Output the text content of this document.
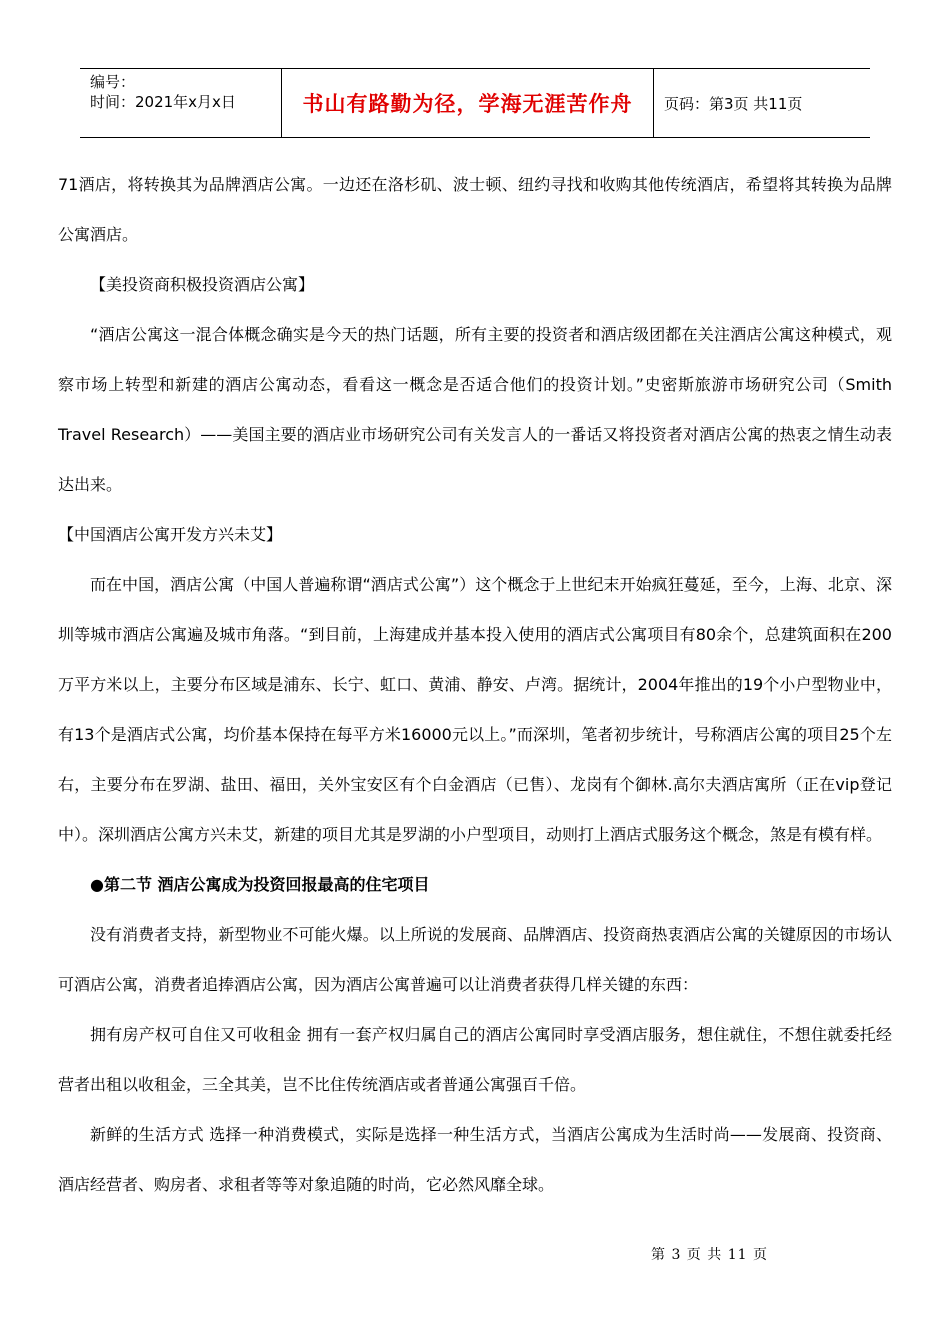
编号：
时间：2021年x月x日	书山有路勤为径，学海无涯苦作舟	页码：第3页 共11页

71酒店，将转换其为品牌酒店公寓。一边还在洛杉矶、波士顿、纽约寻找和收购其他传统酒店，希望将其转换为品牌公寓酒店。

【美投资商积极投资酒店公寓】

“酒店公寓这一混合体概念确实是今天的热门话题，所有主要的投资者和酒店级团都在关注酒店公寓这种模式，观察市场上转型和新建的酒店公寓动态，看看这一概念是否适合他们的投资计划。”史密斯旅游市场研究公司（Smith Travel Research）——美国主要的酒店业市场研究公司有关发言人的一番话又将投资者对酒店公寓的热衷之情生动表达出来。

【中国酒店公寓开发方兴未艾】

而在中国，酒店公寓（中国人普遍称谓“酒店式公寓”）这个概念于上世纪末开始疯狂蔓延，至今，上海、北京、深圳等城市酒店公寓遍及城市角落。“到目前，上海建成并基本投入使用的酒店式公寓项目有80余个，总建筑面积在200万平方米以上，主要分布区域是浦东、长宁、虹口、黄浦、静安、卢湾。据统计，2004年推出的19个小户型物业中，有13个是酒店式公寓，均价基本保持在每平方米16000元以上。”而深圳，笔者初步统计，号称酒店公寓的项目25个左右，主要分布在罗湖、盐田、福田，关外宝安区有个白金酒店（已售）、龙岗有个御林.高尔夫酒店寓所（正在vip登记中）。深圳酒店公寓方兴未艾，新建的项目尤其是罗湖的小户型项目，动则打上酒店式服务这个概念，煞是有模有样。

●第二节 酒店公寓成为投资回报最高的住宅项目

没有消费者支持，新型物业不可能火爆。以上所说的发展商、品牌酒店、投资商热衷酒店公寓的关键原因的市场认可酒店公寓，消费者追捧酒店公寓，因为酒店公寓普遍可以让消费者获得几样关键的东西：

拥有房产权可自住又可收租金 拥有一套产权归属自己的酒店公寓同时享受酒店服务，想住就住，不想住就委托经营者出租以收租金，三全其美，岂不比住传统酒店或者普通公寓强百千倍。

新鲜的生活方式 选择一种消费模式，实际是选择一种生活方式，当酒店公寓成为生活时尚——发展商、投资商、酒店经营者、购房者、求租者等等对象追随的时尚，它必然风靡全球。

第 3 页 共 11 页
